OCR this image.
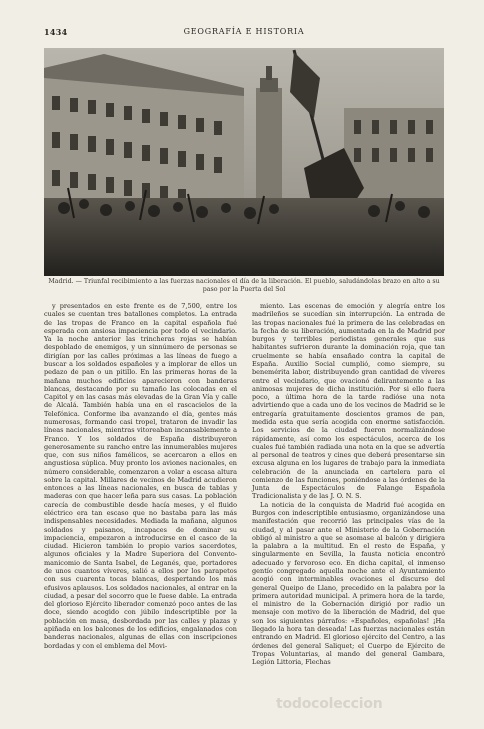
1434	GEOGRAFÍA E HISTORIA
Madrid. — Triunfal recibimiento a las fuerzas nacionales el día de la liberación. El pueblo, saludándolas brazo en alto a su paso por la Puerta del Sol

y presentados en este frente es de 7,500, entre los cuales se cuentan tres batallones completos. La entrada de las tropas de Franco en la capital española fué esperada con ansiosa impaciencia por todo el vecindario. Ya la noche anterior las trincheras rojas se habían despoblado de enemigos, y un sinnúmero de personas se dirigían por las calles próximas a las líneas de fuego a buscar a los soldados españoles y a implorar de ellos un pedazo de pan o un pitillo. En las primeras horas de la mañana muchos edificios aparecieron con banderas blancas, destacando por su tamaño las colocadas en el Capitol y en las casas más elevadas de la Gran Vía y calle de Alcalá. También había una en el rascacielos de la Telefónica. Conforme iba avanzando el día, gentes más numerosas, formando casi tropel, trataron de invadir las líneas nacionales, mientras vitoreaban incansablemente a Franco. Y los soldados de España distribuyeron generosamente su rancho entre las innumerables mujeres que, con sus niños famélicos, se acercaron a ellos en angustiosa súplica. Muy pronto los aviones nacionales, en número considerable, comenzaron a volar a escasa altura sobre la capital. Millares de vecinos de Madrid acudieron entonces a las líneas nacionales, en busca de tablas y maderas con que hacer leña para sus casas. La población carecía de combustible desde hacía meses, y el fluido eléctrico era tan escaso que no bastaba para las más indispensables necesidades. Mediada la mañana, algunos soldados y paisanos, incapaces de dominar su impaciencia, empezaron a introducirse en el casco de la ciudad. Hicieron también lo propio varios sacerdotes, algunos oficiales y la Madre Superiora del Convento-manicomio de Santa Isabel, de Leganés, que, portadores de unos cuantos víveres, salió a ellos por los parapetos con sus cuarenta tocas blancas, despertando los más efusivos aplausos. Los soldados nacionales, al entrar en la ciudad, a pesar del socorro que le fuese dable. La entrada del glorioso Ejército liberador comenzó poco antes de las doce, siendo acogido con júbilo indescriptible por la población en masa, desbordada por las calles y plazas y apiñada en los balcones de los edificios, engalanados con banderas nacionales, algunas de ellas con inscripciones bordadas y con el emblema del Movi-

miento. Las escenas de emoción y alegría entre los madrileños se sucedían sin interrupción. La entrada de las tropas nacionales fué la primera de las celebradas en la fecha de su liberación, aumentada en la de Madrid por burgos y terribles periodistas generales que sus habitantes sufrieron durante la dominación roja, que tan cruelmente se había ensañado contra la capital de España. Auxilio Social cumplió, como siempre, su benemérita labor, distribuyendo gran cantidad de víveres entre el vecindario, que ovacionó delirantemente a las animosas mujeres de dicha institución. Por si ello fuera poco, a última hora de la tarde radióse una nota advirtiendo que a cada uno de los vecinos de Madrid se le entregaría gratuitamente doscientos gramos de pan, medida esta que sería acogida con enorme satisfacción. Los servicios de la ciudad fueron normalizándose rápidamente, así como los espectáculos, acerca de los cuales fué también radiada una nota en la que se advertía al personal de teatros y cines que deberá presentarse sin excusa alguna en los lugares de trabajo para la inmediata celebración de la anunciada en cartelera para el comienzo de las funciones, poniéndose a las órdenes de la Junta de Espectáculos de Falange Española Tradicionalista y de las J. O. N. S.

La noticia de la conquista de Madrid fué acogida en Burgos con indescriptible entusiasmo, organizándose una manifestación que recorrió las principales vías de la ciudad, y al pasar ante el Ministerio de la Gobernación obligó al ministro a que se asomase al balcón y dirigiera la palabra a la multitud. En el resto de España, y singularmente en Sevilla, la fausta noticia encontró adecuado y fervoroso eco. En dicha capital, el inmenso gentío congregado aquella noche ante el Ayuntamiento acogió con interminables ovaciones el discurso del general Queipo de Llano, precedido en la palabra por la primera autoridad municipal. A primera hora de la tarde, el ministro de la Gobernación dirigió por radio un mensaje con motivo de la liberación de Madrid, del que son los siguientes párrafos: «Españoles, españolas! ¡Ha llegado la hora tan deseada! Las fuerzas nacionales están entrando en Madrid. El glorioso ejército del Centro, a las órdenes del general Saliquet; el Cuerpo de Ejército de Tropas Voluntarias, al mando del general Gambara, Legión Littoria, Flechas

todocoleccion
